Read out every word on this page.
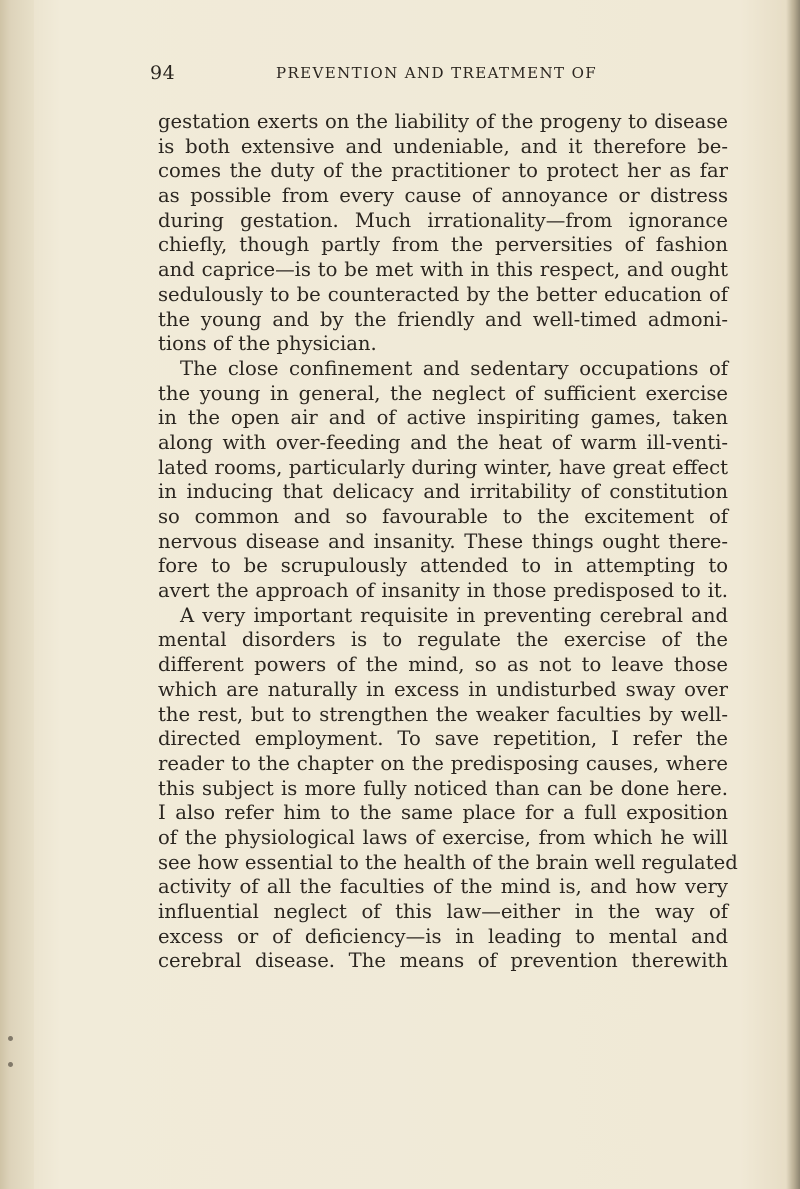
94	PREVENTION AND TREATMENT OF
gestation exerts on the liability of the progeny to disease
is both extensive and undeniable, and it therefore be-
comes the duty of the practitioner to protect her as far
as possible from every cause of annoyance or distress
during gestation. Much irrationality—from ignorance
chiefly, though partly from the perversities of fashion
and caprice—is to be met with in this respect, and ought
sedulously to be counteracted by the better education of
the young and by the friendly and well-timed admoni-
tions of the physician.
The close confinement and sedentary occupations of
the young in general, the neglect of sufficient exercise
in the open air and of active inspiriting games, taken
along with over-feeding and the heat of warm ill-venti-
lated rooms, particularly during winter, have great effect
in inducing that delicacy and irritability of constitution
so common and so favourable to the excitement of
nervous disease and insanity. These things ought there-
fore to be scrupulously attended to in attempting to
avert the approach of insanity in those predisposed to it.
A very important requisite in preventing cerebral and
mental disorders is to regulate the exercise of the
different powers of the mind, so as not to leave those
which are naturally in excess in undisturbed sway over
the rest, but to strengthen the weaker faculties by well-
directed employment. To save repetition, I refer the
reader to the chapter on the predisposing causes, where
this subject is more fully noticed than can be done here.
I also refer him to the same place for a full exposition
of the physiological laws of exercise, from which he will
see how essential to the health of the brain well regulated
activity of all the faculties of the mind is, and how very
influential neglect of this law—either in the way of
excess or of deficiency—is in leading to mental and
cerebral disease. The means of prevention therewith
